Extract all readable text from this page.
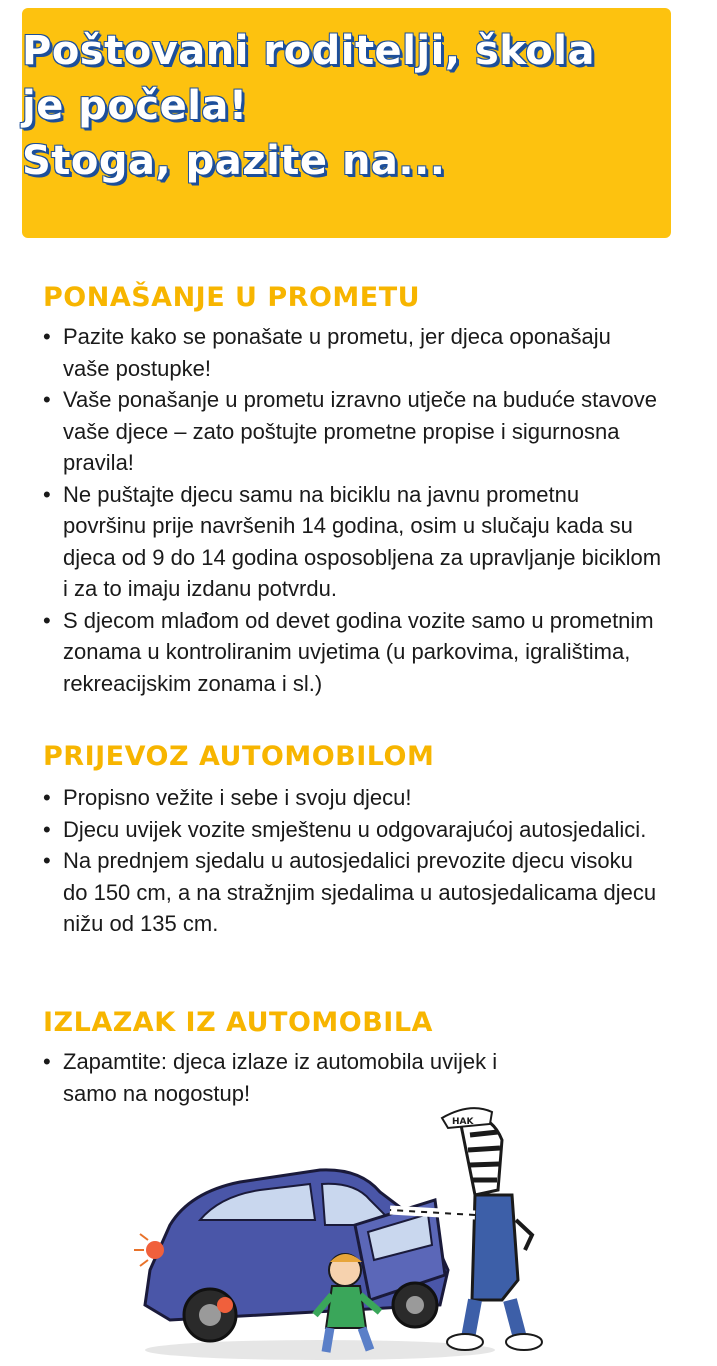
Poštovani roditelji, škola
je počela!
Stoga, pazite na...
PONAŠANJE U PROMETU
• Pazite kako se ponašate u prometu, jer djeca oponašaju vaše postupke!
• Vaše ponašanje u prometu izravno utječe na buduće stavove vaše djece – zato poštujte prometne propise i sigurnosna pravila!
• Ne puštajte djecu samu na biciklu na javnu prometnu površinu prije navršenih 14 godina, osim u slučaju kada su djeca od 9 do 14 godina osposobljena za upravljanje biciklom i za to imaju izdanu potvrdu.
• S djecom mlađom od devet godina vozite samo u prometnim zonama u kontroliranim uvjetima (u parkovima, igralištima, rekreacijskim zonama i sl.)
PRIJEVOZ AUTOMOBILOM
• Propisno vežite i sebe i svoju djecu!
• Djecu uvijek vozite smještenu u odgovarajućoj autosjedalici.
• Na prednjem sjedalu u autosjedalici prevozite djecu visoku do 150 cm, a na stražnjim sjedalima u autosjedalicama djecu nižu od 135 cm.
IZLAZAK IZ AUTOMOBILA
• Zapamtite: djeca izlaze iz automobila uvijek i samo na nogostup!
HAK
